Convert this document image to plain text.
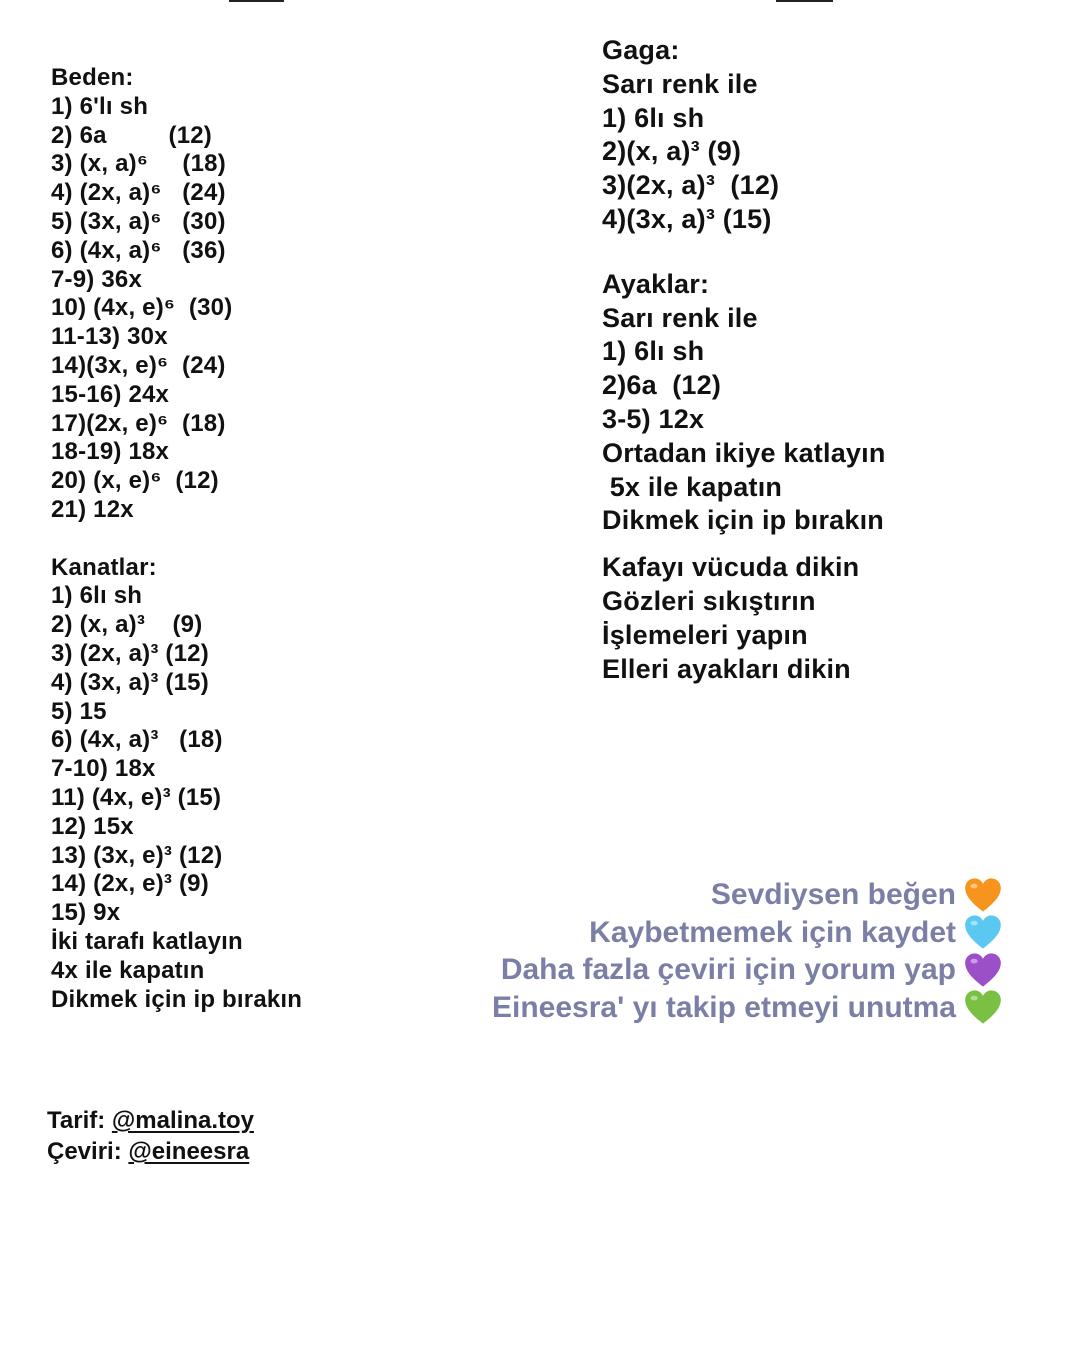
Beden:
1) 6'lı sh
2) 6a         (12)
3) (x, a)⁶     (18)
4) (2x, a)⁶   (24)
5) (3x, a)⁶   (30)
6) (4x, a)⁶   (36)
7-9) 36x
10) (4x, e)⁶  (30)
11-13) 30x
14)(3x, e)⁶  (24)
15-16) 24x
17)(2x, e)⁶  (18)
18-19) 18x
20) (x, e)⁶  (12)
21) 12x
Kanatlar:
1) 6lı sh
2) (x, a)³    (9)
3) (2x, a)³ (12)
4) (3x, a)³ (15)
5) 15
6) (4x, a)³   (18)
7-10) 18x
11) (4x, e)³ (15)
12) 15x
13) (3x, e)³ (12)
14) (2x, e)³ (9)
15) 9x
İki tarafı katlayın
4x ile kapatın
Dikmek için ip bırakın
Gaga:
Sarı renk ile
1) 6lı sh
2)(x, a)³ (9)
3)(2x, a)³  (12)
4)(3x, a)³ (15)
Ayaklar:
Sarı renk ile
1) 6lı sh
2)6a  (12)
3-5) 12x
Ortadan ikiye katlayın
5x ile kapatın
Dikmek için ip bırakın
Kafayı vücuda dikin
Gözleri sıkıştırın
İşlemeleri yapın
Elleri ayakları dikin
Sevdiysen beğen
Kaybetmemek için kaydet
Daha fazla çeviri için yorum yap
Eineesra' yı takip etmeyi unutma
Tarif: @malina.toy
Çeviri: @eineesra
